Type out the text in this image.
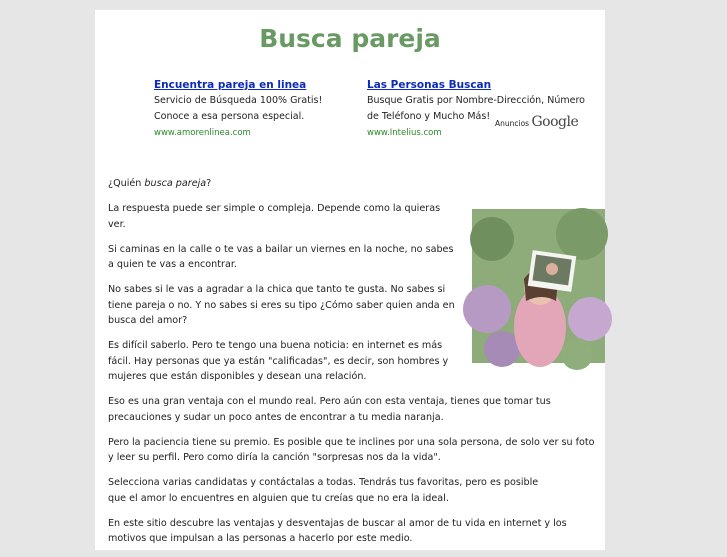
Busca pareja
Encuentra pareja en linea
Servicio de Búsqueda 100% Gratis! Conoce a esa persona especial.
www.amorenlinea.com
Las Personas Buscan
Busque Gratis por Nombre-Dirección, Número de Teléfono y Mucho Más!
www.Intelius.com
Anuncios Google

¿Quién busca pareja?

La respuesta puede ser simple o compleja. Depende como la quieras ver.

Si caminas en la calle o te vas a bailar un viernes en la noche, no sabes a quien te vas a encontrar.

No sabes si le vas a agradar a la chica que tanto te gusta. No sabes si tiene pareja o no. Y no sabes si eres su tipo ¿Cómo saber quien anda en busca del amor?

Es difícil saberlo. Pero te tengo una buena noticia: en internet es más fácil. Hay personas que ya están "calificadas", es decir, son hombres y mujeres que están disponibles y desean una relación.

Eso es una gran ventaja con el mundo real. Pero aún con esta ventaja, tienes que tomar tus precauciones y sudar un poco antes de encontrar a tu media naranja.

Pero la paciencia tiene su premio. Es posible que te inclines por una sola persona, de solo ver su foto y leer su perfil. Pero como diría la canción "sorpresas nos da la vida".

Selecciona varias candidatas y contáctalas a todas. Tendrás tus favoritas, pero es posible que el amor lo encuentres en alguien que tu creías que no era la ideal.

En este sitio descubre las ventajas y desventajas de buscar al amor de tu vida en internet y los motivos que impulsan a las personas a hacerlo por este medio.
